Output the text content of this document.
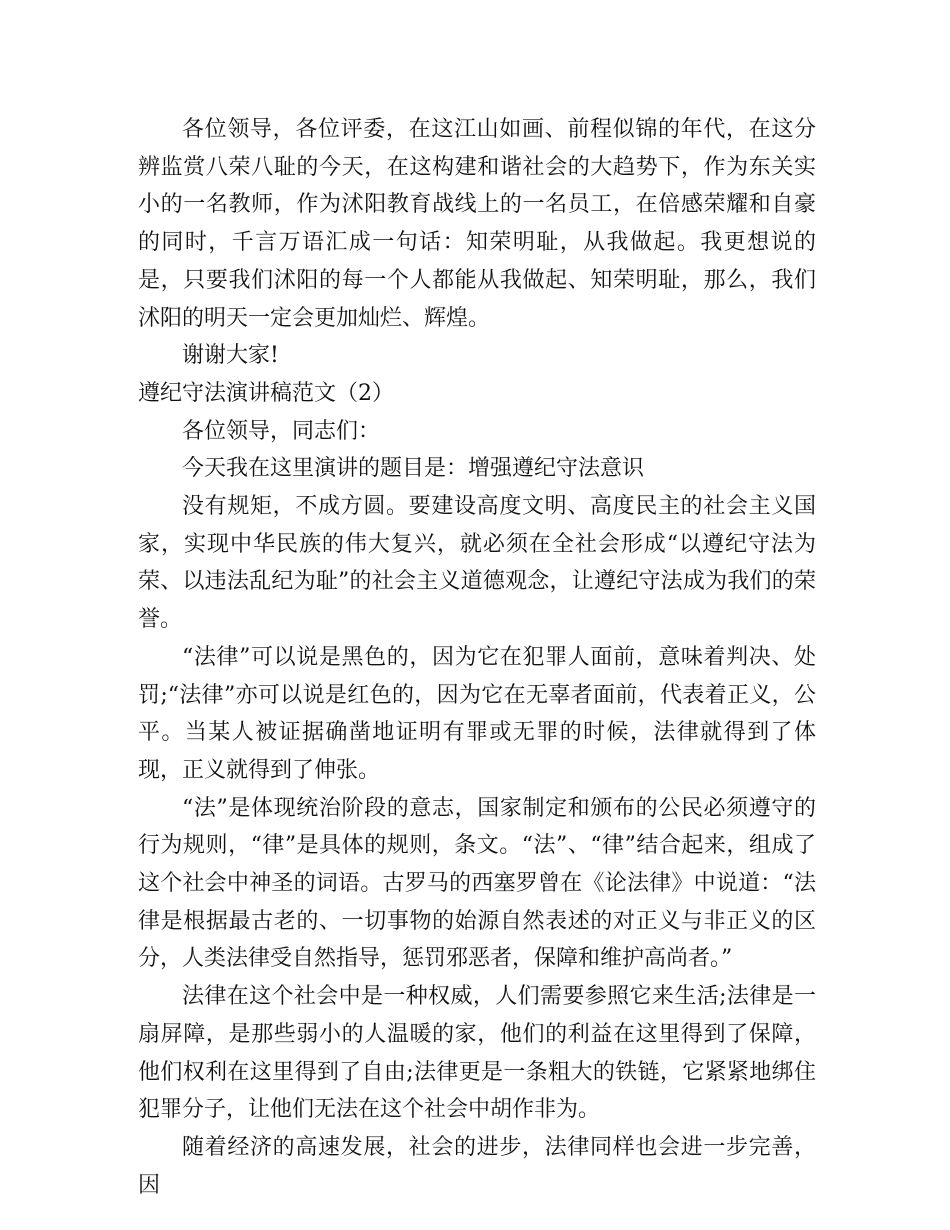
各位领导，各位评委，在这江山如画、前程似锦的年代，在这分辨监赏八荣八耻的今天，在这构建和谐社会的大趋势下，作为东关实小的一名教师，作为沭阳教育战线上的一名员工，在倍感荣耀和自豪的同时，千言万语汇成一句话：知荣明耻，从我做起。我更想说的是，只要我们沭阳的每一个人都能从我做起、知荣明耻，那么，我们沭阳的明天一定会更加灿烂、辉煌。

谢谢大家!

遵纪守法演讲稿范文（2）

各位领导，同志们：

今天我在这里演讲的题目是：增强遵纪守法意识

没有规矩，不成方圆。要建设高度文明、高度民主的社会主义国家，实现中华民族的伟大复兴，就必须在全社会形成“以遵纪守法为荣、以违法乱纪为耻”的社会主义道德观念，让遵纪守法成为我们的荣誉。

“法律”可以说是黑色的，因为它在犯罪人面前，意味着判决、处罚;“法律”亦可以说是红色的，因为它在无辜者面前，代表着正义，公平。当某人被证据确凿地证明有罪或无罪的时候，法律就得到了体现，正义就得到了伸张。

“法”是体现统治阶段的意志，国家制定和颁布的公民必须遵守的行为规则，“律”是具体的规则，条文。“法”、“律”结合起来，组成了这个社会中神圣的词语。古罗马的西塞罗曾在《论法律》中说道：“法律是根据最古老的、一切事物的始源自然表述的对正义与非正义的区分，人类法律受自然指导，惩罚邪恶者，保障和维护高尚者。”

法律在这个社会中是一种权威，人们需要参照它来生活;法律是一扇屏障，是那些弱小的人温暖的家，他们的利益在这里得到了保障，他们权利在这里得到了自由;法律更是一条粗大的铁链，它紧紧地绑住犯罪分子，让他们无法在这个社会中胡作非为。

随着经济的高速发展，社会的进步，法律同样也会进一步完善，因
